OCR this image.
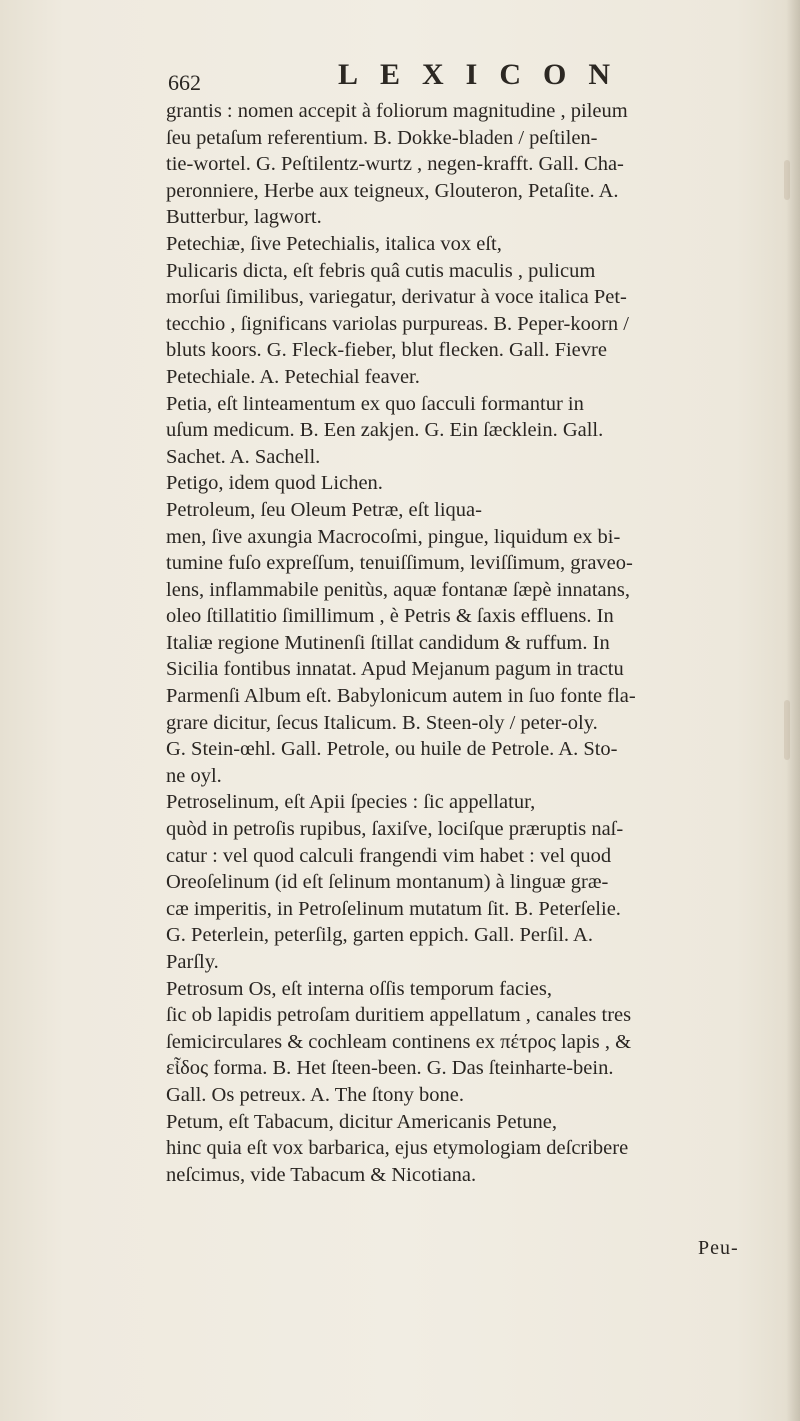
662	LEXICON
grantis : nomen accepit à foliorum magnitudine , pileum
ſeu petaſum referentium. B. Dokke-bladen / peſtilen-
tie-wortel. G. Peſtilentz-wurtz , negen-krafft. Gall. Cha-
peronniere, Herbe aux teigneux, Glouteron, Petaſite. A.
Butterbur, lagwort.
Petechiæ, ſive Petechialis, italica vox eſt,
Pulicaris dicta, eſt febris quâ cutis maculis , pulicum
morſui ſimilibus, variegatur, derivatur à voce italica Pet-
tecchio , ſignificans variolas purpureas. B. Peper-koorn /
bluts koors. G. Fleck-fieber, blut flecken. Gall. Fievre
Petechiale. A. Petechial feaver.
Petia, eſt linteamentum ex quo ſacculi formantur in
uſum medicum. B. Een zakjen. G. Ein ſæcklein. Gall.
Sachet. A. Sachell.
Petigo, idem quod Lichen.
Petroleum, ſeu Oleum Petræ, eſt liqua-
men, ſive axungia Macrocoſmi, pingue, liquidum ex bi-
tumine fuſo expreſſum, tenuiſſimum, leviſſimum, graveo-
lens, inflammabile penitùs, aquæ fontanæ ſæpè innatans,
oleo ſtillatitio ſimillimum , è Petris & ſaxis effluens. In
Italiæ regione Mutinenſi ſtillat candidum & ruffum. In
Sicilia fontibus innatat. Apud Mejanum pagum in tractu
Parmenſi Album eſt. Babylonicum autem in ſuo fonte fla-
grare dicitur, ſecus Italicum. B. Steen-oly / peter-oly.
G. Stein-œhl. Gall. Petrole, ou huile de Petrole. A. Sto-
ne oyl.
Petroselinum, eſt Apii ſpecies : ſic appellatur,
quòd in petroſis rupibus, ſaxiſve, lociſque præruptis naſ-
catur : vel quod calculi frangendi vim habet : vel quod
Oreoſelinum (id eſt ſelinum montanum) à linguæ græ-
cæ imperitis, in Petroſelinum mutatum ſit. B. Peterſelie.
G. Peterlein, peterſilg, garten eppich. Gall. Perſil. A.
Parſly.
Petrosum Os, eſt interna oſſis temporum facies,
ſic ob lapidis petroſam duritiem appellatum , canales tres
ſemicirculares & cochleam continens ex πέτρος lapis , &
εἶδος forma. B. Het ſteen-been. G. Das ſteinharte-bein.
Gall. Os petreux. A. The ſtony bone.
Petum, eſt Tabacum, dicitur Americanis Petune,
hinc quia eſt vox barbarica, ejus etymologiam deſcribere
neſcimus, vide Tabacum & Nicotiana.
Peu-
